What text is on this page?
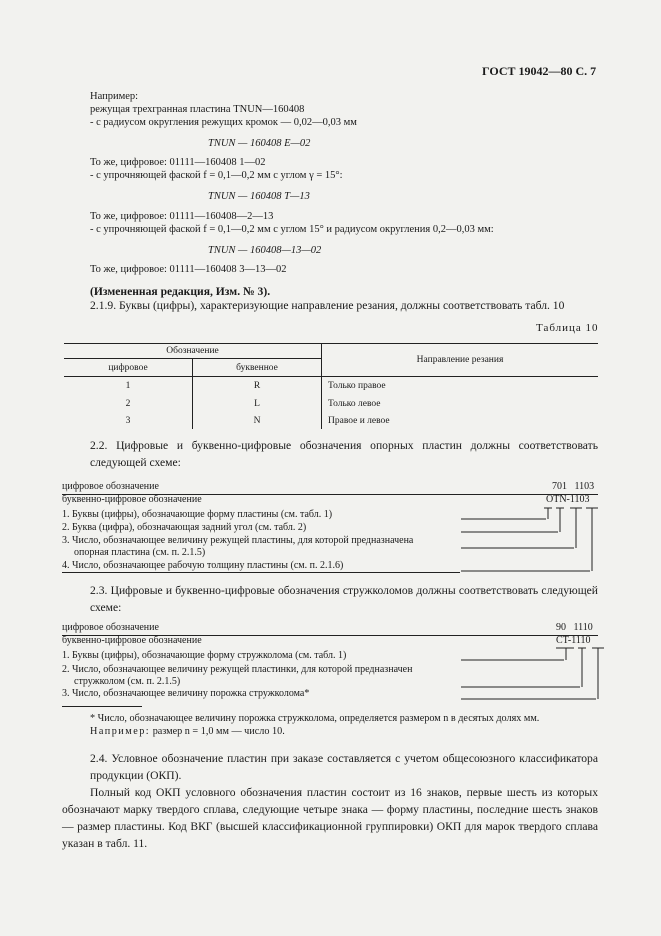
ГОСТ 19042—80 С. 7
Например:
режущая трехгранная пластина TNUN—160408
- с радиусом округления режущих кромок — 0,02—0,03 мм
TNUN — 160408 E—02
То же, цифровое: 01111—160408 1—02
- с упрочняющей фаской f = 0,1—0,2 мм с углом γ = 15°:
TNUN — 160408 T—13
То же, цифровое: 01111—160408—2—13
- с упрочняющей фаской f = 0,1—0,2 мм с углом 15° и радиусом округления 0,2—0,03 мм:
TNUN — 160408—13—02
То же, цифровое: 01111—160408 3—13—02
(Измененная редакция, Изм. № 3).
2.1.9. Буквы (цифры), характеризующие направление резания, должны соответствовать табл. 10
Таблица 10
Обозначение		Направление резания
цифровое	буквенное	
1	R	Только правое
2	L	Только левое
3	N	Правое и левое
2.2. Цифровые и буквенно-цифровые обозначения опорных пластин должны соответствовать следующей схеме:
цифровое обозначение	701   1103
буквенно-цифровое обозначение	OTN-1103
1. Буквы (цифры), обозначающие форму пластины (см. табл. 1)
2. Буква (цифра), обозначающая задний угол (см. табл. 2)
3. Число, обозначающее величину режущей пластины, для которой предназначена
опорная пластина (см. п. 2.1.5)
4. Число, обозначающее рабочую толщину пластины (см. п. 2.1.6)
2.3. Цифровые и буквенно-цифровые обозначения стружколомов должны соответствовать следующей схеме:
цифровое обозначение	90   1110
буквенно-цифровое обозначение	CT-1110
1. Буквы (цифры), обозначающие форму стружколома (см. табл. 1)
2. Число, обозначающее величину режущей пластинки, для которой предназначен
стружколом (см. п. 2.1.5)
3. Число, обозначающее величину порожка стружколома*
* Число, обозначающее величину порожка стружколома, определяется размером n в десятых долях мм.
Например: размер n = 1,0 мм — число 10.
2.4. Условное обозначение пластин при заказе составляется с учетом общесоюзного классификатора продукции (ОКП).
Полный код ОКП условного обозначения пластин состоит из 16 знаков, первые шесть из которых обозначают марку твердого сплава, следующие четыре знака — форму пластины, последние шесть знаков — размер пластины. Код ВКГ (высшей классификационной группировки) ОКП для марок твердого сплава указан в табл. 11.
